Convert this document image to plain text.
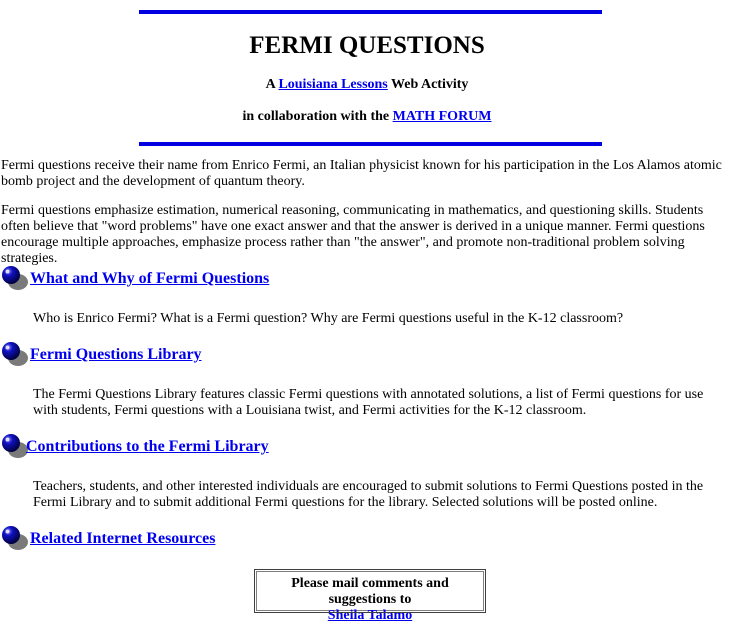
FERMI QUESTIONS
A Louisiana Lessons Web Activity
in collaboration with the MATH FORUM

Fermi questions receive their name from Enrico Fermi, an Italian physicist known for his participation in the Los Alamos atomic bomb project and the development of quantum theory.

Fermi questions emphasize estimation, numerical reasoning, communicating in mathematics, and questioning skills. Students often believe that "word problems" have one exact answer and that the answer is derived in a unique manner. Fermi questions encourage multiple approaches, emphasize process rather than "the answer", and promote non-traditional problem solving strategies.

What and Why of Fermi Questions

Who is Enrico Fermi? What is a Fermi question? Why are Fermi questions useful in the K-12 classroom?

Fermi Questions Library

The Fermi Questions Library features classic Fermi questions with annotated solutions, a list of Fermi questions for use with students, Fermi questions with a Louisiana twist, and Fermi activities for the K-12 classroom.

Contributions to the Fermi Library

Teachers, students, and other interested individuals are encouraged to submit solutions to Fermi Questions posted in the Fermi Library and to submit additional Fermi questions for the library. Selected solutions will be posted online.

Related Internet Resources
Please mail comments and suggestions to
Sheila Talamo
